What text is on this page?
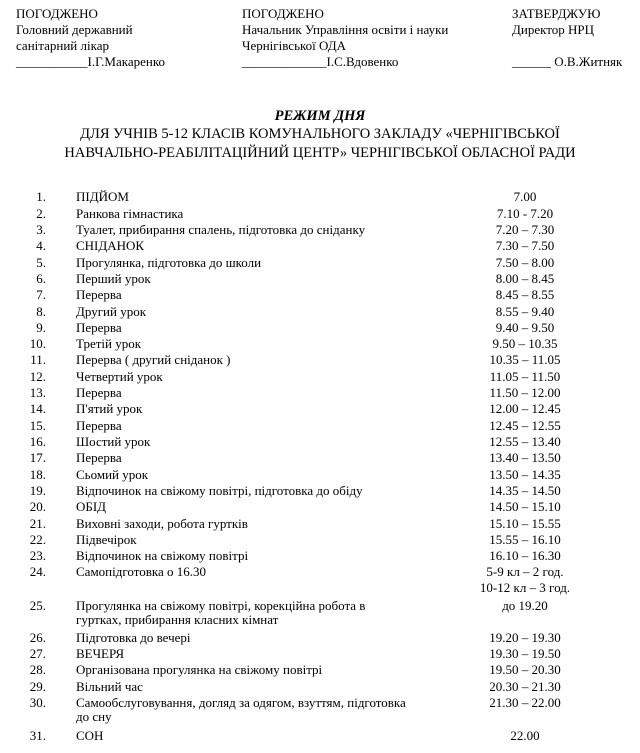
ПОГОДЖЕНО
Головний державний
санітарний лікар
___________І.Г.Макаренко
ПОГОДЖЕНО
Начальник Управління освіти і науки
Чернігівської ОДА
_____________І.С.Вдовенко
ЗАТВЕРДЖУЮ
Директор НРЦ

______ О.В.Житняк
РЕЖИМ ДНЯ
ДЛЯ УЧНІВ 5-12 КЛАСІВ КОМУНАЛЬНОГО ЗАКЛАДУ «ЧЕРНІГІВСЬКОЇ
НАВЧАЛЬНО-РЕАБІЛІТАЦІЙНИЙ ЦЕНТР» ЧЕРНІГІВСЬКОЇ ОБЛАСНОЇ РАДИ
1. ПІДЙОМ	7.00
2. Ранкова гімнастика	7.10 - 7.20
3. Туалет, прибирання спалень, підготовка до сніданку	7.20 – 7.30
4. СНІДАНОК	7.30 – 7.50
5. Прогулянка, підготовка до школи	7.50 – 8.00
6. Перший урок	8.00 – 8.45
7. Перерва	8.45 – 8.55
8. Другий урок	8.55 – 9.40
9. Перерва	9.40 – 9.50
10. Третій урок	9.50 – 10.35
11. Перерва ( другий сніданок )	10.35 – 11.05
12. Четвертий урок	11.05 – 11.50
13. Перерва	11.50 – 12.00
14. П'ятий урок	12.00 – 12.45
15. Перерва	12.45 – 12.55
16. Шостий урок	12.55 – 13.40
17. Перерва	13.40 – 13.50
18. Сьомий урок	13.50 – 14.35
19. Відпочинок на свіжому повітрі, підготовка до обіду	14.35 – 14.50
20. ОБІД	14.50 – 15.10
21. Виховні заходи, робота гуртків	15.10 – 15.55
22. Підвечірок	15.55 – 16.10
23. Відпочинок на свіжому повітрі	16.10 – 16.30
24. Самопідготовка о 16.30	5-9 кл – 2 год.
10-12 кл – 3 год.
25. Прогулянка на свіжому повітрі, корекційна робота в гуртках, прибирання класних кімнат
до 19.20
26. Підготовка до вечері	19.20 – 19.30
27. ВЕЧЕРЯ	19.30 – 19.50
28. Організована прогулянка на свіжому повітрі	19.50 – 20.30
29. Вільний час	20.30 – 21.30
30. Самообслуговування, догляд за одягом, взуттям, підготовка до сну
21.30 – 22.00
31. СОН	22.00
